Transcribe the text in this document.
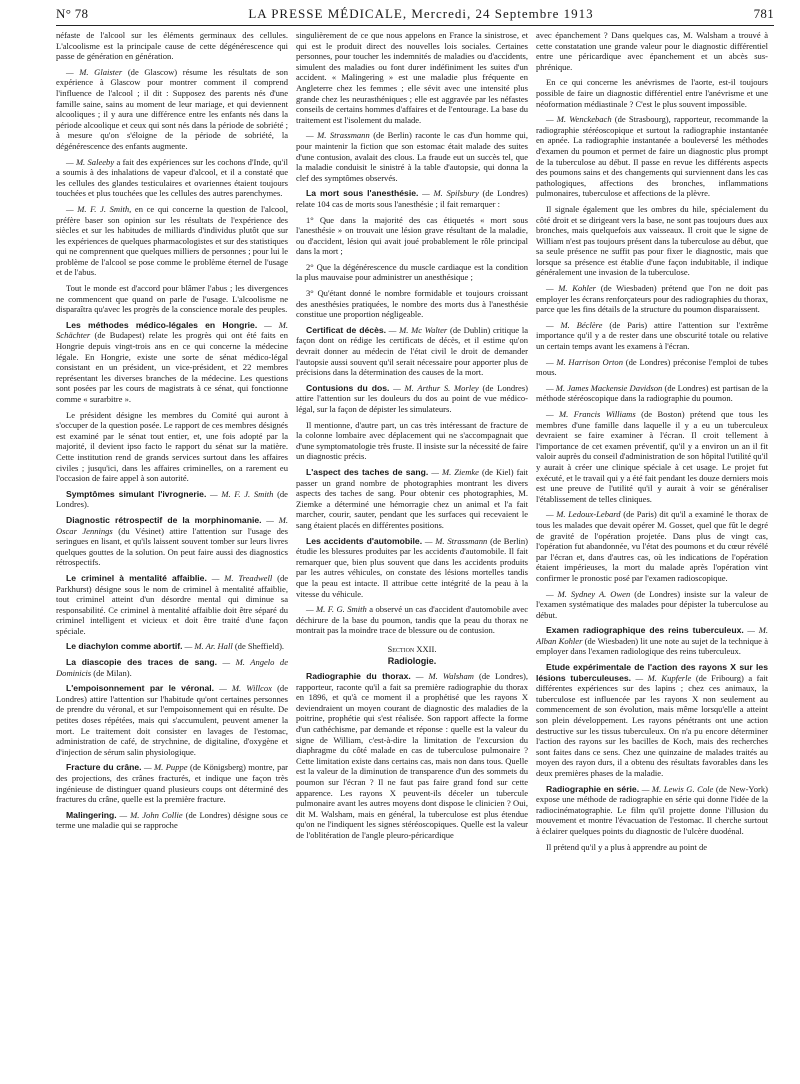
N° 78	LA PRESSE MÉDICALE, Mercredi, 24 Septembre 1913	781

néfaste de l'alcool sur les éléments germinaux des cellules. L'alcoolisme est la principale cause de cette dégénérescence qui passe de génération en génération.

— M. Glaister (de Glascow) résume les résultats de son expérience à Glascow pour montrer comment il comprend l'influence de l'alcool ; il dit : Supposez des parents nés d'une famille saine, sains au moment de leur mariage, et qui deviennent alcooliques ; il y aura une différence entre les enfants nés dans la période alcoolique et ceux qui sont nés dans la période de sobriété ; à mesure qu'on s'éloigne de la période de sobriété, la dégénérescence des enfants augmente.

— M. Saleeby a fait des expériences sur les cochons d'Inde, qu'il a soumis à des inhalations de vapeur d'alcool, et il a constaté que les cellules des glandes testiculaires et ovariennes étaient toujours touchées et plus touchées que les cellules des autres parenchymes.

— M. F. J. Smith, en ce qui concerne la question de l'alcool, préfère baser son opinion sur les résultats de l'expérience des siècles et sur les habitudes de milliards d'individus plutôt que sur les expériences de quelques pharmacologistes et sur des statistiques qui ne comprennent que quelques milliers de personnes ; pour lui le problème de l'alcool se pose comme le problème éternel de l'usage et de l'abus.

Tout le monde est d'accord pour blâmer l'abus ; les divergences ne commencent que quand on parle de l'usage. L'alcoolisme ne disparaîtra qu'avec les progrès de la conscience morale des peuples.

Les méthodes médico-légales en Hongrie. — M. Schächter (de Budapest) relate les progrès qui ont été faits en Hongrie depuis vingt-trois ans en ce qui concerne la médecine légale. En Hongrie, existe une sorte de sénat médico-légal consistant en un président, un vice-président, et 22 membres représentant les diverses branches de la médecine. Les questions sont posées par les cours de magistrats à ce sénat, qui fonctionne comme « surarbitre ».

Le président désigne les membres du Comité qui auront à s'occuper de la question posée. Le rapport de ces membres désignés est examiné par le sénat tout entier, et, une fois adopté par la majorité, il devient ipso facto le rapport du sénat sur la matière. Cette institution rend de grands services surtout dans les affaires civiles ; jusqu'ici, dans les affaires criminelles, on a rarement eu l'occasion de faire appel à son autorité.

Symptômes simulant l'ivrognerie. — M. F. J. Smith (de Londres).

Diagnostic rétrospectif de la morphinomanie. — M. Oscar Jennings (du Vésinet) attire l'attention sur l'usage des seringues en lisant, et qu'ils laissent souvent tomber sur leurs livres quelques gouttes de la solution. On peut faire aussi des diagnostics rétrospectifs.

Le criminel à mentalité affaiblie. — M. Treadwell (de Parkhurst) désigne sous le nom de criminel à mentalité affaiblie, tout criminel atteint d'un désordre mental qui diminue sa responsabilité. Ce criminel à mentalité affaiblie doit être séparé du criminel intelligent et vicieux et doit être traité d'une façon spéciale.

Le diachylon comme abortif. — M. Ar. Hall (de Sheffield).

La diascopie des traces de sang. — M. Angelo de Dominicis (de Milan).

L'empoisonnement par le véronal. — M. Willcox (de Londres) attire l'attention sur l'habitude qu'ont certaines personnes de prendre du véronal, et sur l'empoisonnement qui en résulte. De petites doses répétées, mais qui s'accumulent, peuvent amener la mort. Le traitement doit consister en lavages de l'estomac, administration de café, de strychnine, de digitaline, d'oxygène et d'injection de sérum salin physiologique.

Fracture du crâne. — M. Puppe (de Königsberg) montre, par des projections, des crânes fracturés, et indique une façon très ingénieuse de distinguer quand plusieurs coups ont déterminé des fractures du crâne, quelle est la première fracture.

Malingering. — M. John Collie (de Londres) désigne sous ce terme une maladie qui se rapproche

singulièrement de ce que nous appelons en France la sinistrose, et qui est le produit direct des nouvelles lois sociales. Certaines personnes, pour toucher les indemnités de maladies ou d'accidents, simulent des maladies ou font durer indéfiniment les suites d'un accident. « Malingering » est une maladie plus fréquente en Angleterre chez les femmes ; elle sévit avec une intensité plus grande chez les neurasthéniques ; elle est aggravée par les néfastes conseils de certains hommes d'affaires et de l'entourage. La base du traitement est l'isolement du malade.

— M. Strassmann (de Berlin) raconte le cas d'un homme qui, pour maintenir la fiction que son estomac était malade des suites d'une contusion, avalait des clous. La fraude eut un succès tel, que la maladie conduisit le sinistré à la table d'autopsie, qui donna la clef des symptômes observés.

La mort sous l'anesthésie. — M. Spilsbury (de Londres) relate 104 cas de morts sous l'anesthésie ; il fait remarquer :

1° Que dans la majorité des cas étiquetés « mort sous l'anesthésie » on trouvait une lésion grave résultant de la maladie, ou d'accident, lésion qui avait joué probablement le rôle principal dans la mort ;

2° Que la dégénérescence du muscle cardiaque est la condition la plus mauvaise pour administrer un anesthésique ;

3° Qu'étant donné le nombre formidable et toujours croissant des anesthésies pratiquées, le nombre des morts dus à l'anesthésie constitue une proportion négligeable.

Certificat de décès. — M. Mc Walter (de Dublin) critique la façon dont on rédige les certificats de décès, et il estime qu'on devrait donner au médecin de l'état civil le droit de demander l'autopsie aussi souvent qu'il serait nécessaire pour apporter plus de précisions dans la détermination des causes de la mort.

Contusions du dos. — M. Arthur S. Morley (de Londres) attire l'attention sur les douleurs du dos au point de vue médico-légal, sur la façon de dépister les simulateurs.

Il mentionne, d'autre part, un cas très intéressant de fracture de la colonne lombaire avec déplacement qui ne s'accompagnait que d'une symptomatologie très fruste. Il insiste sur la nécessité de faire un diagnostic précis.

L'aspect des taches de sang. — M. Ziemke (de Kiel) fait passer un grand nombre de photographies montrant les divers aspects des taches de sang. Pour obtenir ces photographies, M. Ziemke a déterminé une hémorragie chez un animal et l'a fait marcher, courir, sauter, pendant que les surfaces qui recevaient le sang étaient placés en différentes positions.

Les accidents d'automobile. — M. Strassmann (de Berlin) étudie les blessures produites par les accidents d'automobile. Il fait remarquer que, bien plus souvent que dans les accidents produits par les autres véhicules, on constate des lésions mortelles tandis que la peau est intacte. Il attribue cette intégrité de la peau à la vitesse du véhicule.

— M. F. G. Smith a observé un cas d'accident d'automobile avec déchirure de la base du poumon, tandis que la peau du thorax ne montrait pas la moindre trace de blessure ou de contusion.

Section XXII.
Radiologie.

Radiographie du thorax. — M. Walsham (de Londres), rapporteur, raconte qu'il a fait sa première radiographie du thorax en 1896, et qu'à ce moment il a prophétisé que les rayons X deviendraient un moyen courant de diagnostic des maladies de la poitrine, prophétie qui s'est réalisée. Son rapport affecte la forme d'un cathéchisme, par demande et réponse : quelle est la valeur du signe de William, c'est-à-dire la limitation de l'excursion du diaphragme du côté malade en cas de tuberculose pulmonaire ? Cette limitation existe dans certains cas, mais non dans tous. Quelle est la valeur de la diminution de transparence d'un des sommets du poumon sur l'écran ? Il ne faut pas faire grand fond sur cette apparence. Les rayons X peuvent-ils déceler un tubercule pulmonaire avant les autres moyens dont dispose le clinicien ? Oui, dit M. Walsham, mais en général, la tuberculose est plus étendue qu'on ne l'indiquent les signes stéréoscopiques. Quelle est la valeur de l'oblitération de l'angle pleuro-péricardique

avec épanchement ? Dans quelques cas, M. Walsham a trouvé à cette constatation une grande valeur pour le diagnostic différentiel entre une péricardique avec épanchement et un abcès sus-phrénique.

En ce qui concerne les anévrismes de l'aorte, est-il toujours possible de faire un diagnostic différentiel entre l'anévrisme et une néoformation médiastinale ? C'est le plus souvent impossible.

— M. Wenckebach (de Strasbourg), rapporteur, recommande la radiographie stéréoscopique et surtout la radiographie instantanée en apnée. La radiographie instantanée a bouleversé les méthodes d'examen du poumon et permet de faire un diagnostic plus prompt de la tuberculose au début. Il passe en revue les différents aspects des poumons sains et des changements qui surviennent dans les cas pathologiques, affections des bronches, inflammations pulmonaires, tuberculose et affections de la plèvre.

Il signale également que les ombres du hile, spécialement du côté droit et se dirigeant vers la base, ne sont pas toujours dues aux bronches, mais quelquefois aux vaisseaux. Il croit que le signe de William n'est pas toujours présent dans la tuberculose au début, que sa seule présence ne suffit pas pour fixer le diagnostic, mais que lorsque sa présence est établie d'une façon indubitable, il indique généralement une invasion de la tuberculose.

— M. Kohler (de Wiesbaden) prétend que l'on ne doit pas employer les écrans renforçateurs pour des radiographies du thorax, parce que les fins détails de la structure du poumon disparaissent.

— M. Béclère (de Paris) attire l'attention sur l'extrême importance qu'il y a de rester dans une obscurité totale ou relative un certain temps avant les examens à l'écran.

— M. Harrison Orton (de Londres) préconise l'emploi de tubes mous.

— M. James Mackensie Davidson (de Londres) est partisan de la méthode stéréoscopique dans la radiographie du poumon.

— M. Francis Williams (de Boston) prétend que tous les membres d'une famille dans laquelle il y a eu un tuberculeux devraient se faire examiner à l'écran. Il croit tellement à l'importance de cet examen préventif, qu'il y a environ un an il fit valoir auprès du conseil d'administration de son hôpital l'utilité qu'il y aurait à créer une clinique spéciale à cet usage. Le projet fut exécuté, et le travail qui y a été fait pendant les douze derniers mois est une preuve de l'utilité qu'il y aurait à voir se généraliser l'établissement de telles cliniques.

— M. Ledoux-Lebard (de Paris) dit qu'il a examiné le thorax de tous les malades que devait opérer M. Gosset, quel que fût le degré de gravité de l'opération projetée. Dans plus de vingt cas, l'opération fut abandonnée, vu l'état des poumons et du cœur révélé par l'écran et, dans d'autres cas, où les indications de l'opération étaient impérieuses, la mort du malade après l'opération vint confirmer le pronostic posé par l'examen radioscopique.

— M. Sydney A. Owen (de Londres) insiste sur la valeur de l'examen systématique des malades pour dépister la tuberculose au début.

Examen radiographique des reins tuberculeux. — M. Alban Kohler (de Wiesbaden) lit une note au sujet de la technique à employer dans l'examen radiologique des reins tuberculeux.

Etude expérimentale de l'action des rayons X sur les lésions tuberculeuses. — M. Kupferle (de Fribourg) a fait différentes expériences sur des lapins ; chez ces animaux, la tuberculose est influencée par les rayons X non seulement au commencement de son évolution, mais même lorsqu'elle a atteint son plein développement. Les rayons pénétrants ont une action destructive sur les tissus tuberculeux. On n'a pu encore déterminer l'action des rayons sur les bacilles de Koch, mais des recherches sont faites dans ce sens. Chez une quinzaine de malades traités au moyen des rayon durs, il a obtenu des résultats favorables dans les deux premières phases de la maladie.

Radiographie en série. — M. Lewis G. Cole (de New-York) expose une méthode de radiographie en série qui donne l'idée de la radiocinématographie. Le film qu'il projette donne l'illusion du mouvement et montre l'évacuation de l'estomac. Il cherche surtout à éclairer quelques points du diagnostic de l'ulcère duodénal.

Il prétend qu'il y a plus à apprendre au point de
